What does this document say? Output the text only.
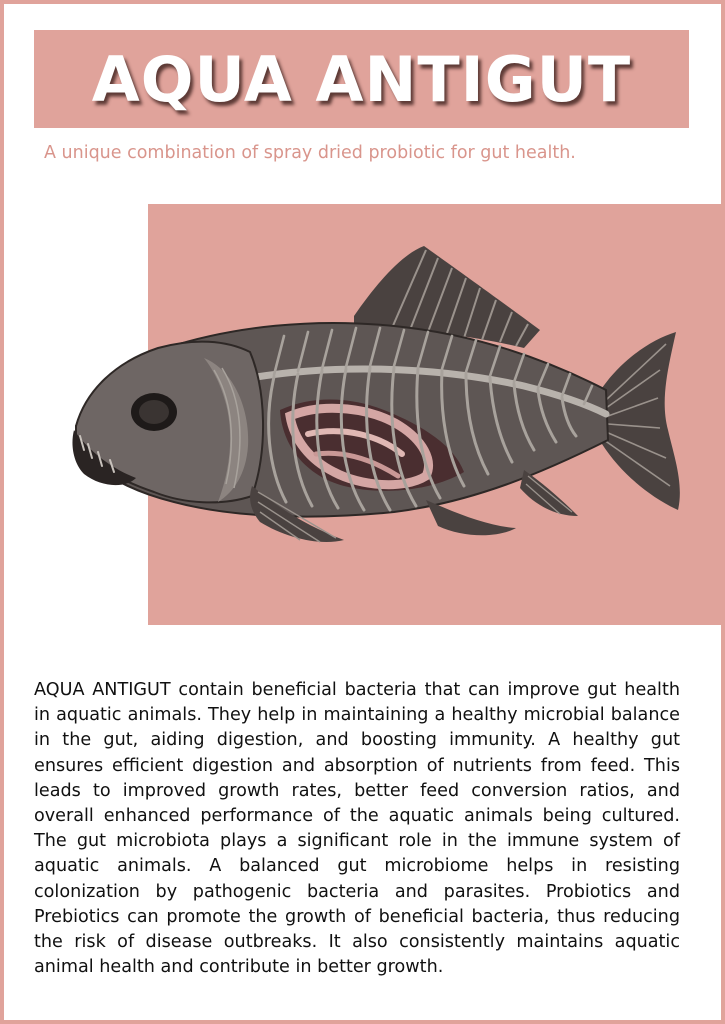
AQUA ANTIGUT
A unique combination of spray dried probiotic for gut health.
AQUA ANTIGUT contain beneficial bacteria that can improve gut health in aquatic animals. They help in maintaining a healthy microbial balance in the gut, aiding digestion, and boosting immunity. A healthy gut ensures efficient digestion and absorption of nutrients from feed. This leads to improved growth rates, better feed conversion ratios, and overall enhanced performance of the aquatic animals being cultured. The gut microbiota plays a significant role in the immune system of aquatic animals. A balanced gut microbiome helps in resisting colonization by pathogenic bacteria and parasites. Probiotics and Prebiotics can promote the growth of beneficial bacteria, thus reducing the risk of disease outbreaks. It also consistently maintains aquatic animal health and contribute in better growth.
